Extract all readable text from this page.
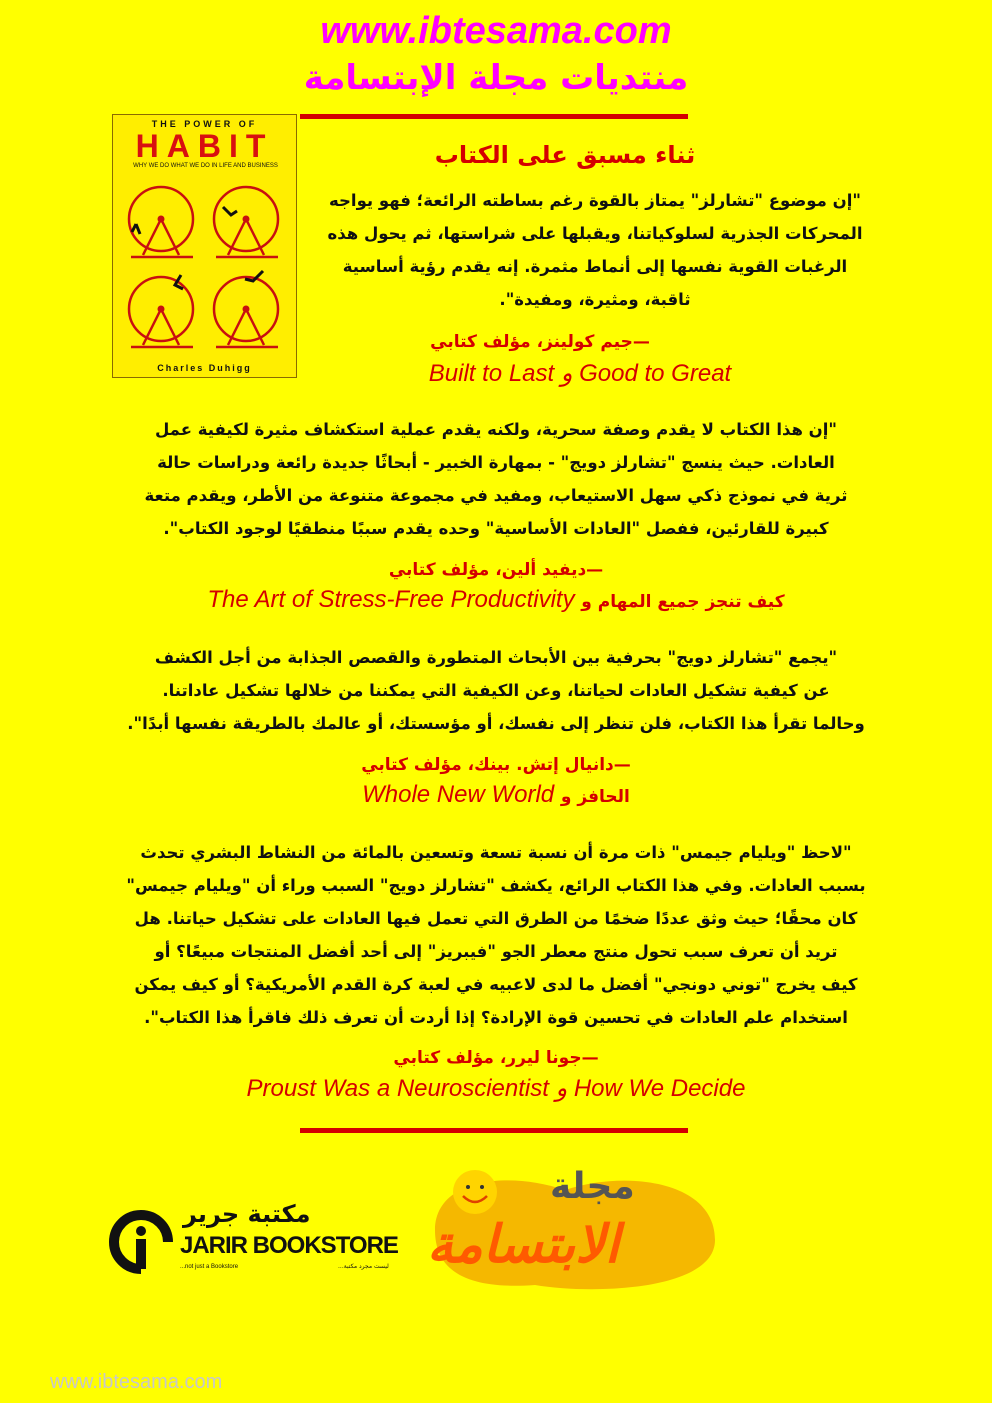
www.ibtesama.com
منتديات مجلة الإبتسامة
THE POWER OF
HABIT
WHY WE DO WHAT WE DO IN LIFE AND BUSINESS
Charles Duhigg
ثناء مسبق على الكتاب
"إن موضوع "تشارلز" يمتاز بالقوة رغم بساطته الرائعة؛ فهو يواجه
المحركات الجذرية لسلوكياتنا، ويقبلها على شراستها، ثم يحول هذه
الرغبات القوية نفسها إلى أنماط مثمرة. إنه يقدم رؤية أساسية
ثاقبة، ومثيرة، ومفيدة".
—جيم كولينز، مؤلف كتابي
Built to Last و Good to Great
"إن هذا الكتاب لا يقدم وصفة سحرية، ولكنه يقدم عملية استكشاف مثيرة لكيفية عمل
العادات. حيث ينسج "تشارلز دويج" - بمهارة الخبير - أبحاثًا جديدة رائعة ودراسات حالة
ثرية في نموذج ذكي سهل الاستيعاب، ومفيد في مجموعة متنوعة من الأطر، ويقدم متعة
كبيرة للقارئين، ففصل "العادات الأساسية" وحده يقدم سببًا منطقيًا لوجود الكتاب".
—ديفيد ألين، مؤلف كتابي
كيف تنجز جميع المهام و The Art of Stress-Free Productivity
"يجمع "تشارلز دويج" بحرفية بين الأبحاث المتطورة والقصص الجذابة من أجل الكشف
عن كيفية تشكيل العادات لحياتنا، وعن الكيفية التي يمكننا من خلالها تشكيل عاداتنا.
وحالما تقرأ هذا الكتاب، فلن تنظر إلى نفسك، أو مؤسستك، أو عالمك بالطريقة نفسها أبدًا".
—دانيال إتش. بينك، مؤلف كتابي
الحافز و Whole New World
"لاحظ "ويليام جيمس" ذات مرة أن نسبة تسعة وتسعين بالمائة من النشاط البشري تحدث
بسبب العادات. وفي هذا الكتاب الرائع، يكشف "تشارلز دويج" السبب وراء أن "ويليام جيمس"
كان محقًا؛ حيث وثق عددًا ضخمًا من الطرق التي تعمل فيها العادات على تشكيل حياتنا. هل
تريد أن تعرف سبب تحول منتج معطر الجو "فيبريز" إلى أحد أفضل المنتجات مبيعًا؟ أو
كيف يخرج "توني دونجي" أفضل ما لدى لاعبيه في لعبة كرة القدم الأمريكية؟ أو كيف يمكن
استخدام علم العادات في تحسين قوة الإرادة؟ إذا أردت أن تعرف ذلك فاقرأ هذا الكتاب".
—جونا ليرر، مؤلف كتابي
Proust Was a Neuroscientist و How We Decide
مكتبة جرير
JARIR BOOKSTORE
...not just a Bookstore	...ليست مجرد مكتبة
مجلة
الابتسامة
www.ibtesama.com
